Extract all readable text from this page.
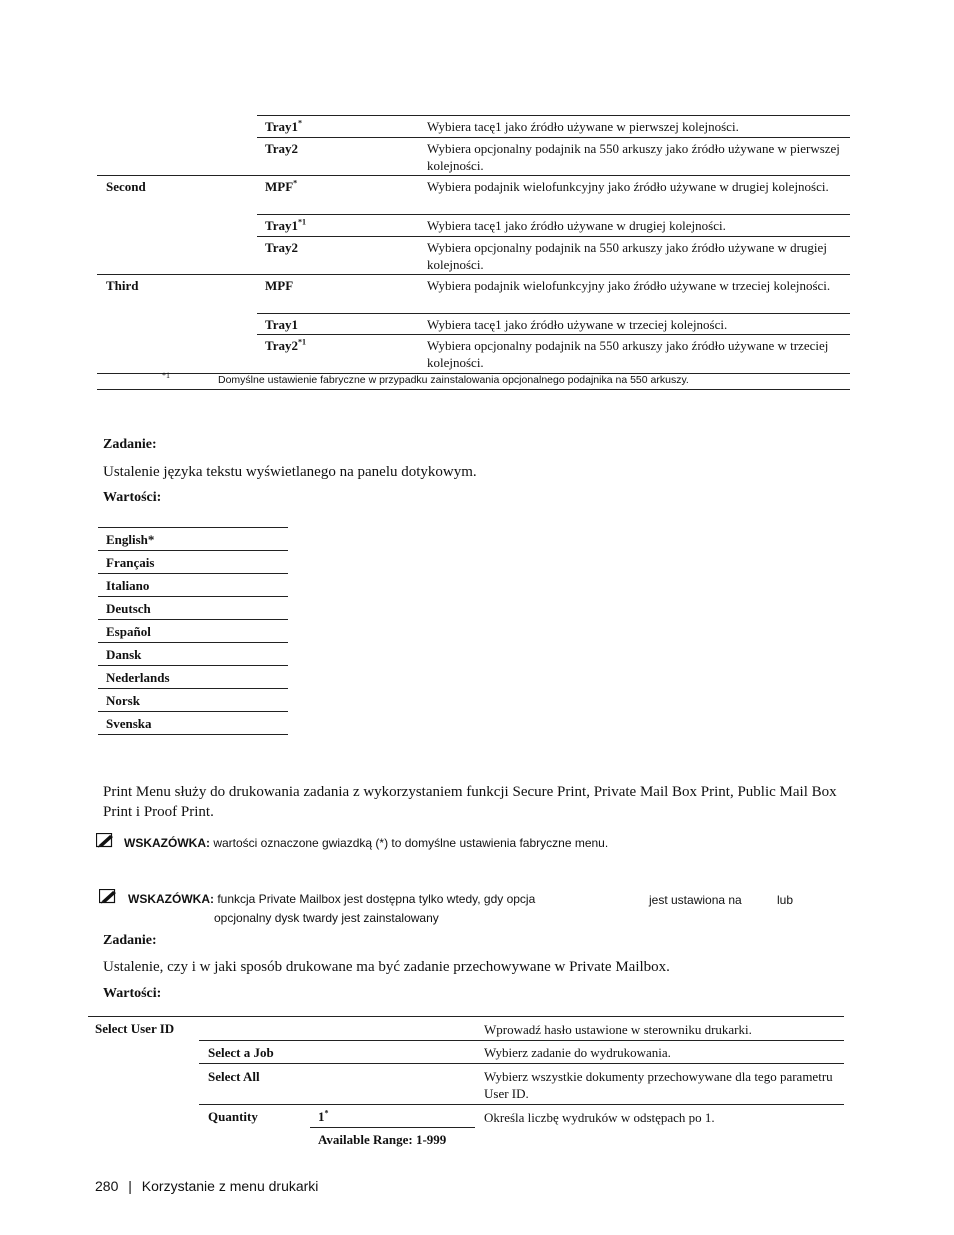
Tray1*	Wybiera tacę1 jako źródło używane w pierwszej kolejności.
Tray2	Wybiera opcjonalny podajnik na 550 arkuszy jako źródło używane w pierwszej kolejności.
Second	MPF*	Wybiera podajnik wielofunkcyjny jako źródło używane w drugiej kolejności.
Tray1$^{*1}$	Wybiera tacę1 jako źródło używane w drugiej kolejności.
Tray2	Wybiera opcjonalny podajnik na 550 arkuszy jako źródło używane w drugiej kolejności.
Third	MPF	Wybiera podajnik wielofunkcyjny jako źródło używane w trzeciej kolejności.
Tray1	Wybiera tacę1 jako źródło używane w trzeciej kolejności.
Tray2$^{*1}$	Wybiera opcjonalny podajnik na 550 arkuszy jako źródło używane w trzeciej kolejności.
*1	Domyślne ustawienie fabryczne w przypadku zainstalowania opcjonalnego podajnika na 550 arkuszy.
Zadanie:
Ustalenie języka tekstu wyświetlanego na panelu dotykowym.
Wartości:
English*
Français
Italiano
Deutsch
Español
Dansk
Nederlands
Norsk
Svenska
Print Menu służy do drukowania zadania z wykorzystaniem funkcji Secure Print, Private Mail Box Print, Public Mail Box Print i Proof Print.
WSKAZÓWKA: wartości oznaczone gwiazdką (*) to domyślne ustawienia fabryczne menu.
WSKAZÓWKA: funkcja Private Mailbox jest dostępna tylko wtedy, gdy opcja	jest ustawiona na	lub
opcjonalny dysk twardy jest zainstalowany
Zadanie:
Ustalenie, czy i w jaki sposób drukowane ma być zadanie przechowywane w Private Mailbox.
Wartości:
Select User ID	Wprowadź hasło ustawione w sterowniku drukarki.
Select a Job	Wybierz zadanie do wydrukowania.
Select All	Wybierz wszystkie dokumenty przechowywane dla tego parametru User ID.
Quantity	1*	Określa liczbę wydruków w odstępach po 1.
Available Range: 1-999
280 | Korzystanie z menu drukarki
